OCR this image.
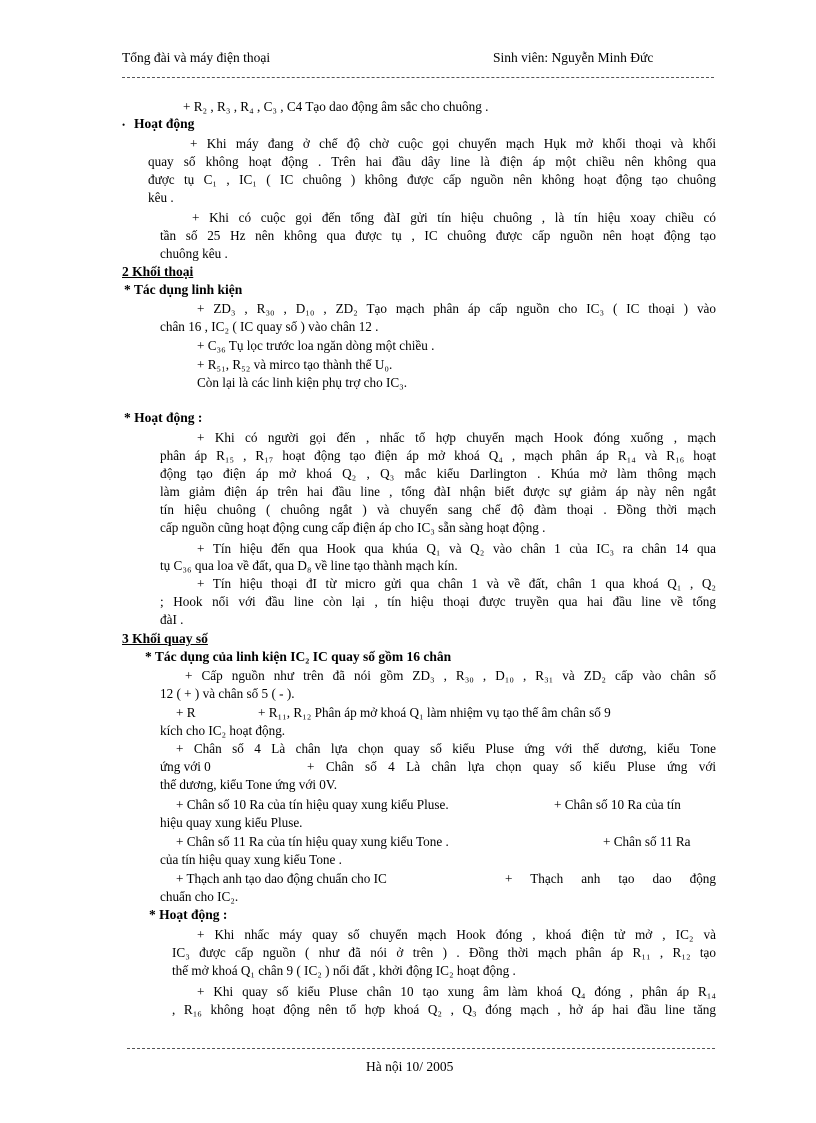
Tổng đài và máy điện thoại	Sinh viên: Nguyễn Minh Đức
+ R₂ , R₃ , R₄ , C₃ , C4 Tạo dao động âm sắc cho chuông .
• Hoạt động
+ Khi máy đang ở chế độ chờ cuộc gọi chuyển mạch Hụk mở khối thoại và khối
quay số không hoạt động . Trên hai đầu dây line là điện áp một chiều nên không qua
được tụ C₁ , IC₁ ( IC chuông ) không được cấp nguồn nên không hoạt động tạo chuông
kêu .
+ Khi có cuộc gọi đến tổng đàI gửi tín hiệu chuông , là tín hiệu xoay chiều có
tần số 25 Hz nên không qua được tụ , IC chuông được cấp nguồn nên hoạt động tạo
chuông kêu .
2 Khối thoại
* Tác dụng linh kiện
+ ZD₃ , R₃₀ , D₁₀ , ZD₂ Tạo mạch phân áp cấp nguồn cho IC₃ ( IC thoại ) vào
chân 16 , IC₂ ( IC quay số ) vào chân 12 .
+ C₃₆ Tụ lọc trước loa ngăn dòng một chiều .
+ R₅₁, R₅₂ và mirco tạo thành thế U₀.
Còn lại là các linh kiện phụ trợ cho IC₃.
* Hoạt động :
+ Khi có người gọi đến , nhấc tổ hợp chuyển mạch Hook đóng xuống , mạch
phân áp R₁₅ , R₁₇ hoạt động tạo điện áp mở khoá Q₄ , mạch phân áp R₁₄ và R₁₆ hoạt
động tạo điện áp mở khoá Q₂ , Q₃ mắc kiểu Darlington . Khúa mở làm thông mạch
làm giảm điện áp trên hai đầu line , tổng đàI nhận biết được sự giảm áp này nên ngắt
tín hiệu chuông ( chuông ngắt ) và chuyển sang chế độ đàm thoại . Đồng thời mạch
cấp nguồn cũng hoạt động cung cấp điện áp cho IC₃ sẵn sàng hoạt động .
+ Tín hiệu đến qua Hook qua khúa Q₁ và Q₂ vào chân 1 của IC₃ ra chân 14 qua
tụ C₃₆ qua loa về đất, qua D₈ về line tạo thành mạch kín.
+ Tín hiệu thoại đI từ micro gửi qua chân 1 và về đất, chân 1 qua khoá Q₁ , Q₂
; Hook nối với đầu line còn lại , tín hiệu thoại được truyền qua hai đầu line về tổng
đàI .
3 Khối quay số
* Tác dụng của linh kiện IC₂ IC quay số gồm 16 chân
+ Cấp nguồn như trên đã nói gồm ZD₃ , R₃₀ , D₁₀ , R₃₁ và ZD₂ cấp vào chân số
12 ( + ) và chân số 5 ( - ).
+ R	+ R₁₁, R₁₂ Phân áp mở khoá Q₁ làm nhiệm vụ tạo thế âm chân số 9
kích cho IC₂ hoạt động.
+ Chân số 4 Là chân lựa chọn quay số kiểu Pluse ứng với thế dương, kiểu Tone
ứng với 0	+ Chân số 4 Là chân lựa chọn quay số kiểu Pluse ứng với
thế dương, kiểu Tone ứng với 0V.
+ Chân số 10 Ra của tín hiệu quay xung kiểu Pluse.	+ Chân số 10 Ra của tín
hiệu quay xung kiểu Pluse.
+ Chân số 11 Ra của tín hiệu quay xung kiểu Tone .	+ Chân số 11 Ra
của tín hiệu quay xung kiểu Tone .
+ Thạch anh tạo dao động chuẩn cho IC	+ Thạch anh tạo dao động
chuẩn cho IC₂.
* Hoạt động :
+ Khi nhấc máy quay số chuyển mạch Hook đóng , khoá điện tử mở , IC₂ và
IC₃ được cấp nguồn ( như đã nói ở trên ) . Đồng thời mạch phân áp R₁₁ , R₁₂ tạo
thế mở khoá Q₁ chân 9 ( IC₂ ) nối đất , khởi động IC₂ hoạt động .
+ Khi quay số kiểu Pluse chân 10 tạo xung âm làm khoá Q₄ đóng , phân áp R₁₄
, R₁₆ không hoạt động nên tổ hợp khoá Q₂ , Q₃ đóng mạch , hở áp hai đầu line tăng
Hà nội 10/ 2005
